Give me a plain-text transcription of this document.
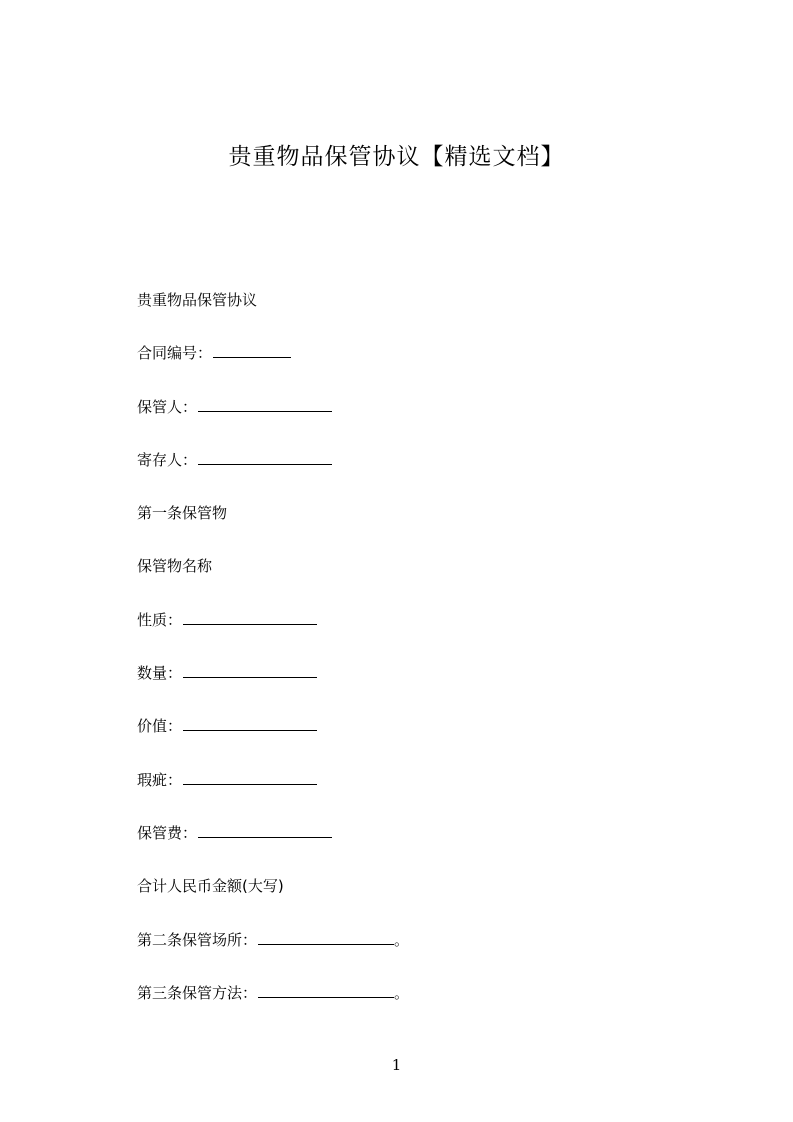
贵重物品保管协议【精选文档】
贵重物品保管协议
合同编号：
保管人：
寄存人：
第一条保管物
保管物名称
性质：
数量：
价值：
瑕疵：
保管费：
合计人民币金额(大写)
第二条保管场所：	。
第三条保管方法：	。
1
